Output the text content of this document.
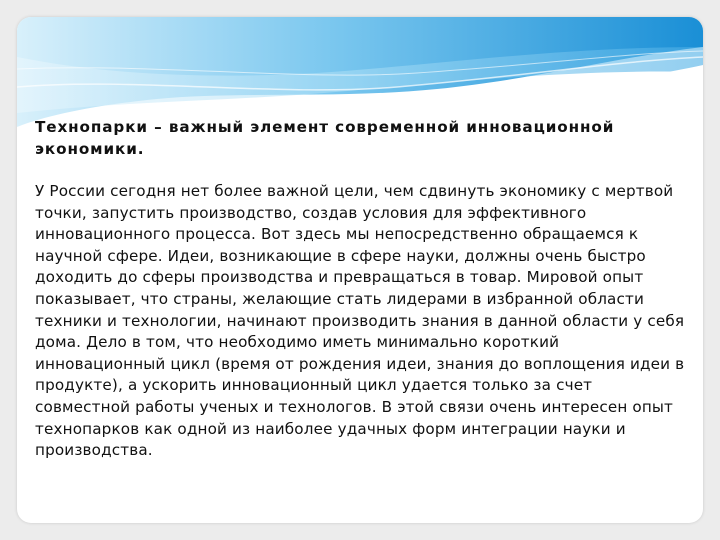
Технопарки – важный элемент современной инновационной экономики.

У России сегодня нет более важной цели, чем сдвинуть экономику с мертвой точки, запустить производство, создав условия для эффективного инновационного процесса. Вот здесь мы непосредственно обращаемся к научной сфере. Идеи, возникающие в сфере науки, должны очень быстро доходить до сферы производства и превращаться в товар. Мировой опыт показывает, что страны, желающие стать лидерами в избранной области техники и технологии, начинают производить знания в данной области у себя дома. Дело в том, что необходимо иметь минимально короткий инновационный цикл (время от рождения идеи, знания до воплощения идеи в продукте), а ускорить инновационный цикл удается только за счет совместной работы ученых и технологов. В этой связи очень интересен опыт технопарков как одной из наиболее удачных форм интеграции науки и производства.
